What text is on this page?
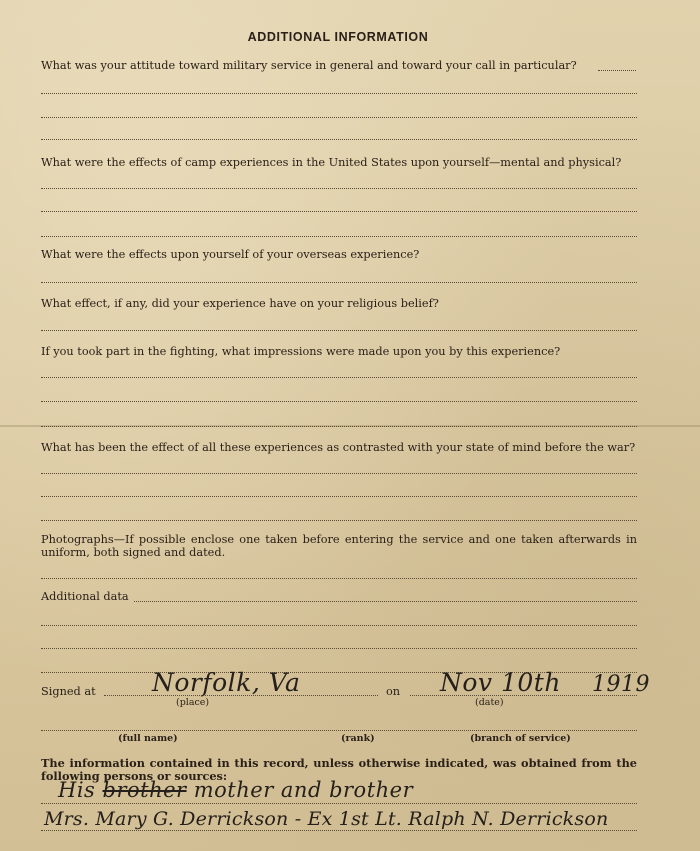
ADDITIONAL INFORMATION
What was your attitude toward military service in general and toward your call in particular?
What were the effects of camp experiences in the United States upon yourself—mental and physical?
What were the effects upon yourself of your overseas experience?
What effect, if any, did your experience have on your religious belief?
If you took part in the fighting, what impressions were made upon you by this experience?
What has been the effect of all these experiences as contrasted with your state of mind before the war?
Photographs—If possible enclose one taken before entering the service and one taken afterwards in uniform, both signed and dated.
Additional data
Signed at Norfolk, Va
(place)
on Nov 10th 1919
(date)
(full name)	(rank)	(branch of service)
The information contained in this record, unless otherwise indicated, was obtained from the following persons or sources:
His brother mother and brother
Mrs. Mary G. Derrickson - Ex 1st Lt. Ralph N. Derrickson
